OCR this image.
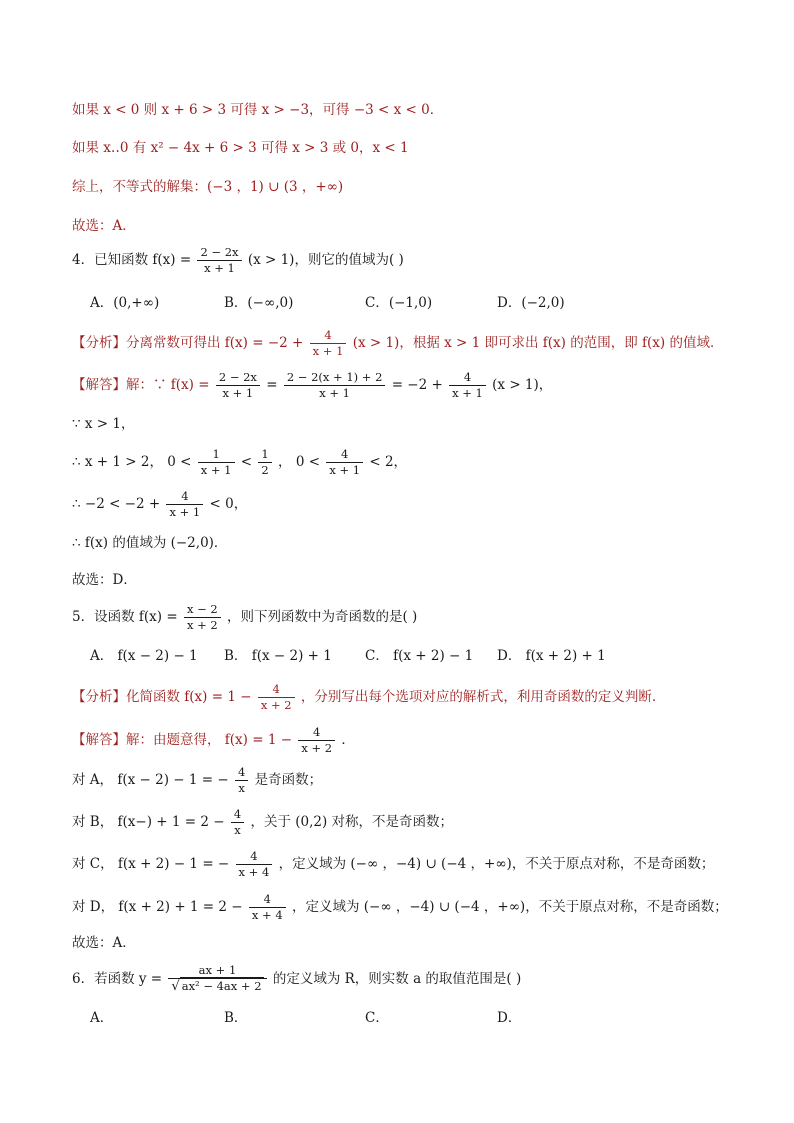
如果 x < 0 则 x + 6 > 3 可得 x > −3，可得 −3 < x < 0．
如果 x‥0 有 x² − 4x + 6 > 3 可得 x > 3 或 0，x < 1
综上，不等式的解集：(−3 ，1) ∪ (3 ，+∞)
故选：A．
4．已知函数 $f(x) = \frac{2 - 2x}{x + 1} (x > 1)$，则它的值域为( )
A．(0,+∞)	B．(−∞,0)	C．(−1,0)	D．(−2,0)
【分析】分离常数可得出 $f(x) = -2 + \frac{4}{x + 1} (x > 1)$，根据 x > 1 即可求出 f(x) 的范围，即 f(x) 的值域．
【解答】解：∵ $f(x) = \frac{2 - 2x}{x + 1} = \frac{2 - 2(x + 1) + 2}{x + 1} = -2 + \frac{4}{x + 1} (x > 1)$，
∵ x > 1，
∴ x + 1 > 2， $0 < \frac{1}{x + 1} < \frac{1}{2}$ ， $0 < \frac{4}{x + 1} < 2$，
∴ $-2 < -2 + \frac{4}{x + 1} < 0$，
∴ f(x) 的值域为 (−2,0)．
故选：D．
5．设函数 $f(x) = \frac{x - 2}{x + 2}$ ，则下列函数中为奇函数的是( )
A． f(x − 2) − 1 B． f(x − 2) + 1 C． f(x + 2) − 1 D． f(x + 2) + 1
【分析】化简函数 $f(x) = 1 - \frac{4}{x + 2}$ ，分别写出每个选项对应的解析式，利用奇函数的定义判断．
【解答】解：由题意得， $f(x) = 1 - \frac{4}{x + 2}$ ．
对 A， f(x − 2) − 1 = − $\frac{4}{x}$ 是奇函数；
对 B， $f(x-) + 1 = 2 - \frac{4}{x}$ ，关于 (0,2) 对称，不是奇函数；
对 C， f(x + 2) − 1 = − $\frac{4}{x + 4}$ ，定义域为 (−∞ ，−4) ∪ (−4 ，+∞)，不关于原点对称，不是奇函数；
对 D， $f(x + 2) + 1 = 2 - \frac{4}{x + 4}$ ，定义域为 (−∞ ，−4) ∪ (−4 ，+∞)，不关于原点对称，不是奇函数；
故选：A．
6．若函数 $y = \frac{ax + 1}{\text{√ ax² − 4ax + 2}}$ 的定义域为 R，则实数 a 的取值范围是( )
A．	B．	C．	D．
